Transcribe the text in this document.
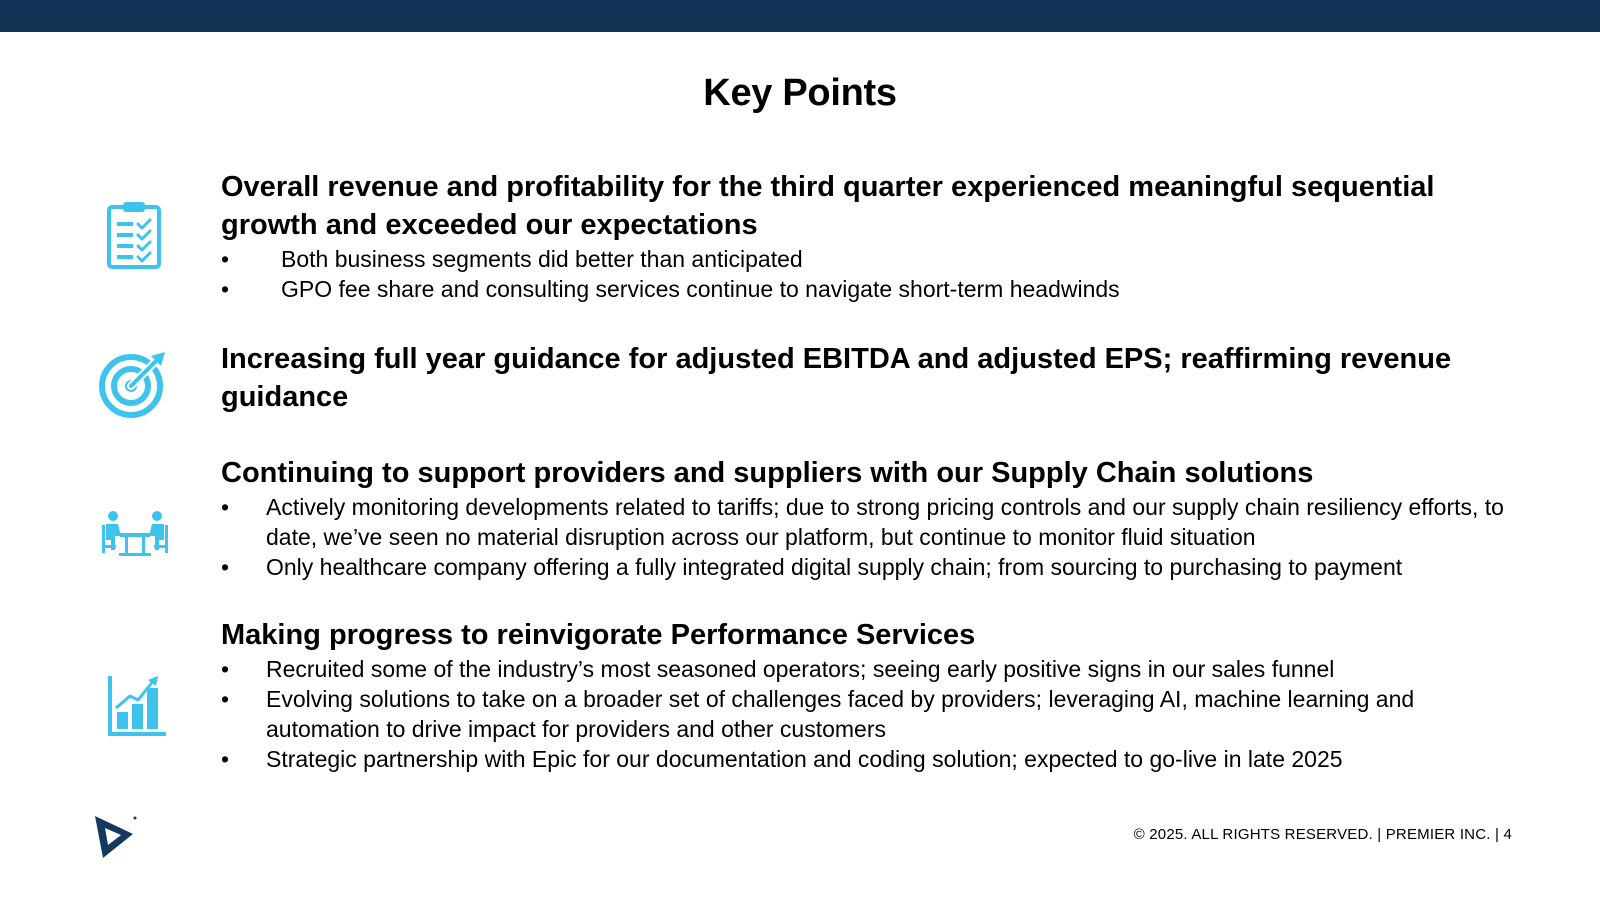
Key Points

Overall revenue and profitability for the third quarter experienced meaningful sequential growth and exceeded our expectations

• Both business segments did better than anticipated
• GPO fee share and consulting services continue to navigate short-term headwinds

Increasing full year guidance for adjusted EBITDA and adjusted EPS; reaffirming revenue guidance

Continuing to support providers and suppliers with our Supply Chain solutions

• Actively monitoring developments related to tariffs; due to strong pricing controls and our supply chain resiliency efforts, to date, we’ve seen no material disruption across our platform, but continue to monitor fluid situation
• Only healthcare company offering a fully integrated digital supply chain; from sourcing to purchasing to payment

Making progress to reinvigorate Performance Services

• Recruited some of the industry’s most seasoned operators; seeing early positive signs in our sales funnel
• Evolving solutions to take on a broader set of challenges faced by providers; leveraging AI, machine learning and automation to drive impact for providers and other customers
• Strategic partnership with Epic for our documentation and coding solution; expected to go-live in late 2025
© 2025. ALL RIGHTS RESERVED. | PREMIER INC. | 4
